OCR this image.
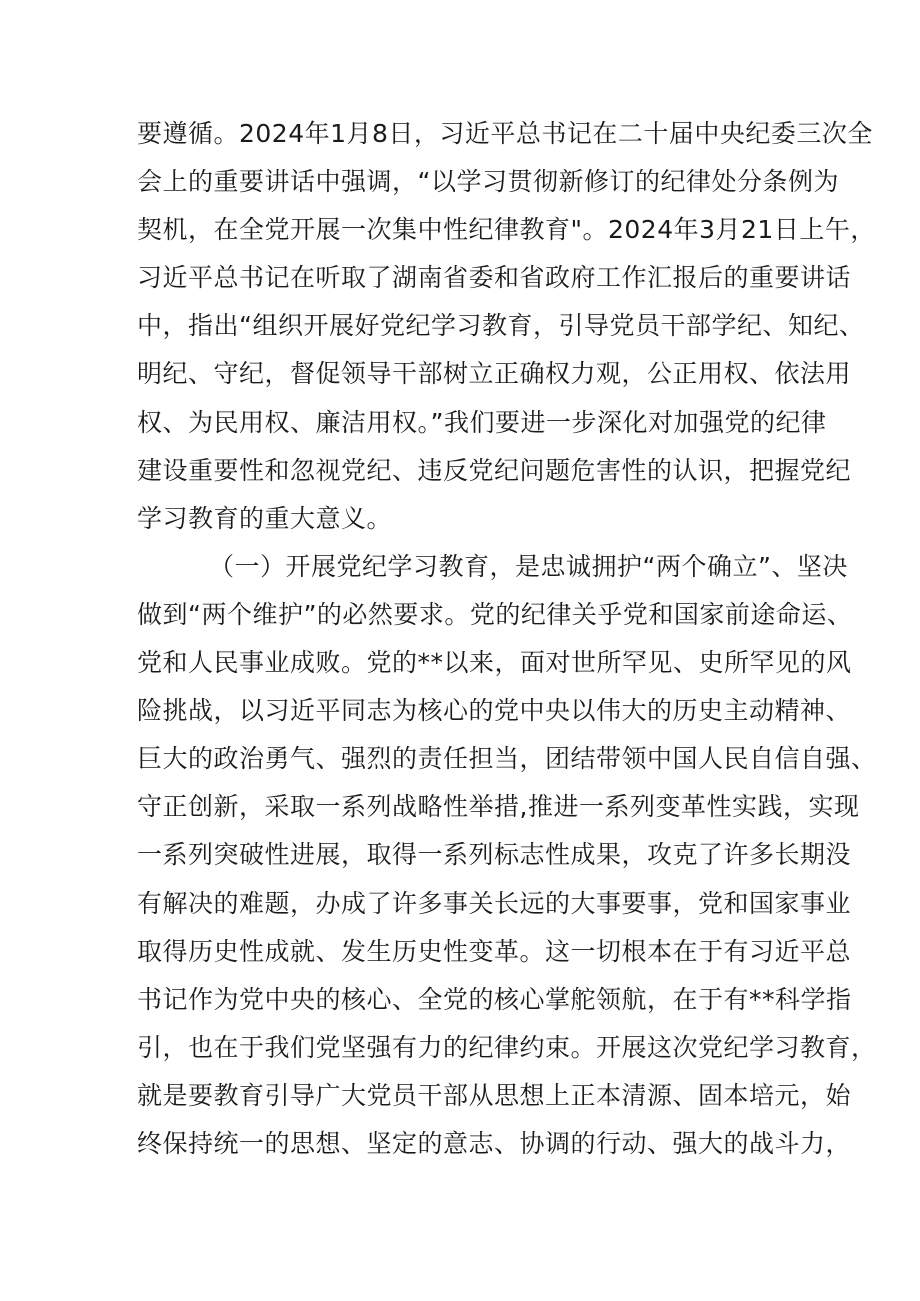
要遵循。2024年1月8日，习近平总书记在二十届中央纪委三次全
会上的重要讲话中强调，“以学习贯彻新修订的纪律处分条例为
契机，在全党开展一次集中性纪律教育"。2024年3月21日上午，
习近平总书记在听取了湖南省委和省政府工作汇报后的重要讲话
中，指出“组织开展好党纪学习教育，引导党员干部学纪、知纪、
明纪、守纪，督促领导干部树立正确权力观，公正用权、依法用
权、为民用权、廉洁用权。”我们要进一步深化对加强党的纪律
建设重要性和忽视党纪、违反党纪问题危害性的认识，把握党纪
学习教育的重大意义。
（一）开展党纪学习教育，是忠诚拥护“两个确立”、坚决
做到“两个维护”的必然要求。党的纪律关乎党和国家前途命运、
党和人民事业成败。党的**以来，面对世所罕见、史所罕见的风
险挑战，以习近平同志为核心的党中央以伟大的历史主动精神、
巨大的政治勇气、强烈的责任担当，团结带领中国人民自信自强、
守正创新，采取一系列战略性举措,推进一系列变革性实践，实现
一系列突破性进展，取得一系列标志性成果，攻克了许多长期没
有解决的难题，办成了许多事关长远的大事要事，党和国家事业
取得历史性成就、发生历史性变革。这一切根本在于有习近平总
书记作为党中央的核心、全党的核心掌舵领航，在于有**科学指
引，也在于我们党坚强有力的纪律约束。开展这次党纪学习教育，
就是要教育引导广大党员干部从思想上正本清源、固本培元，始
终保持统一的思想、坚定的意志、协调的行动、强大的战斗力，
